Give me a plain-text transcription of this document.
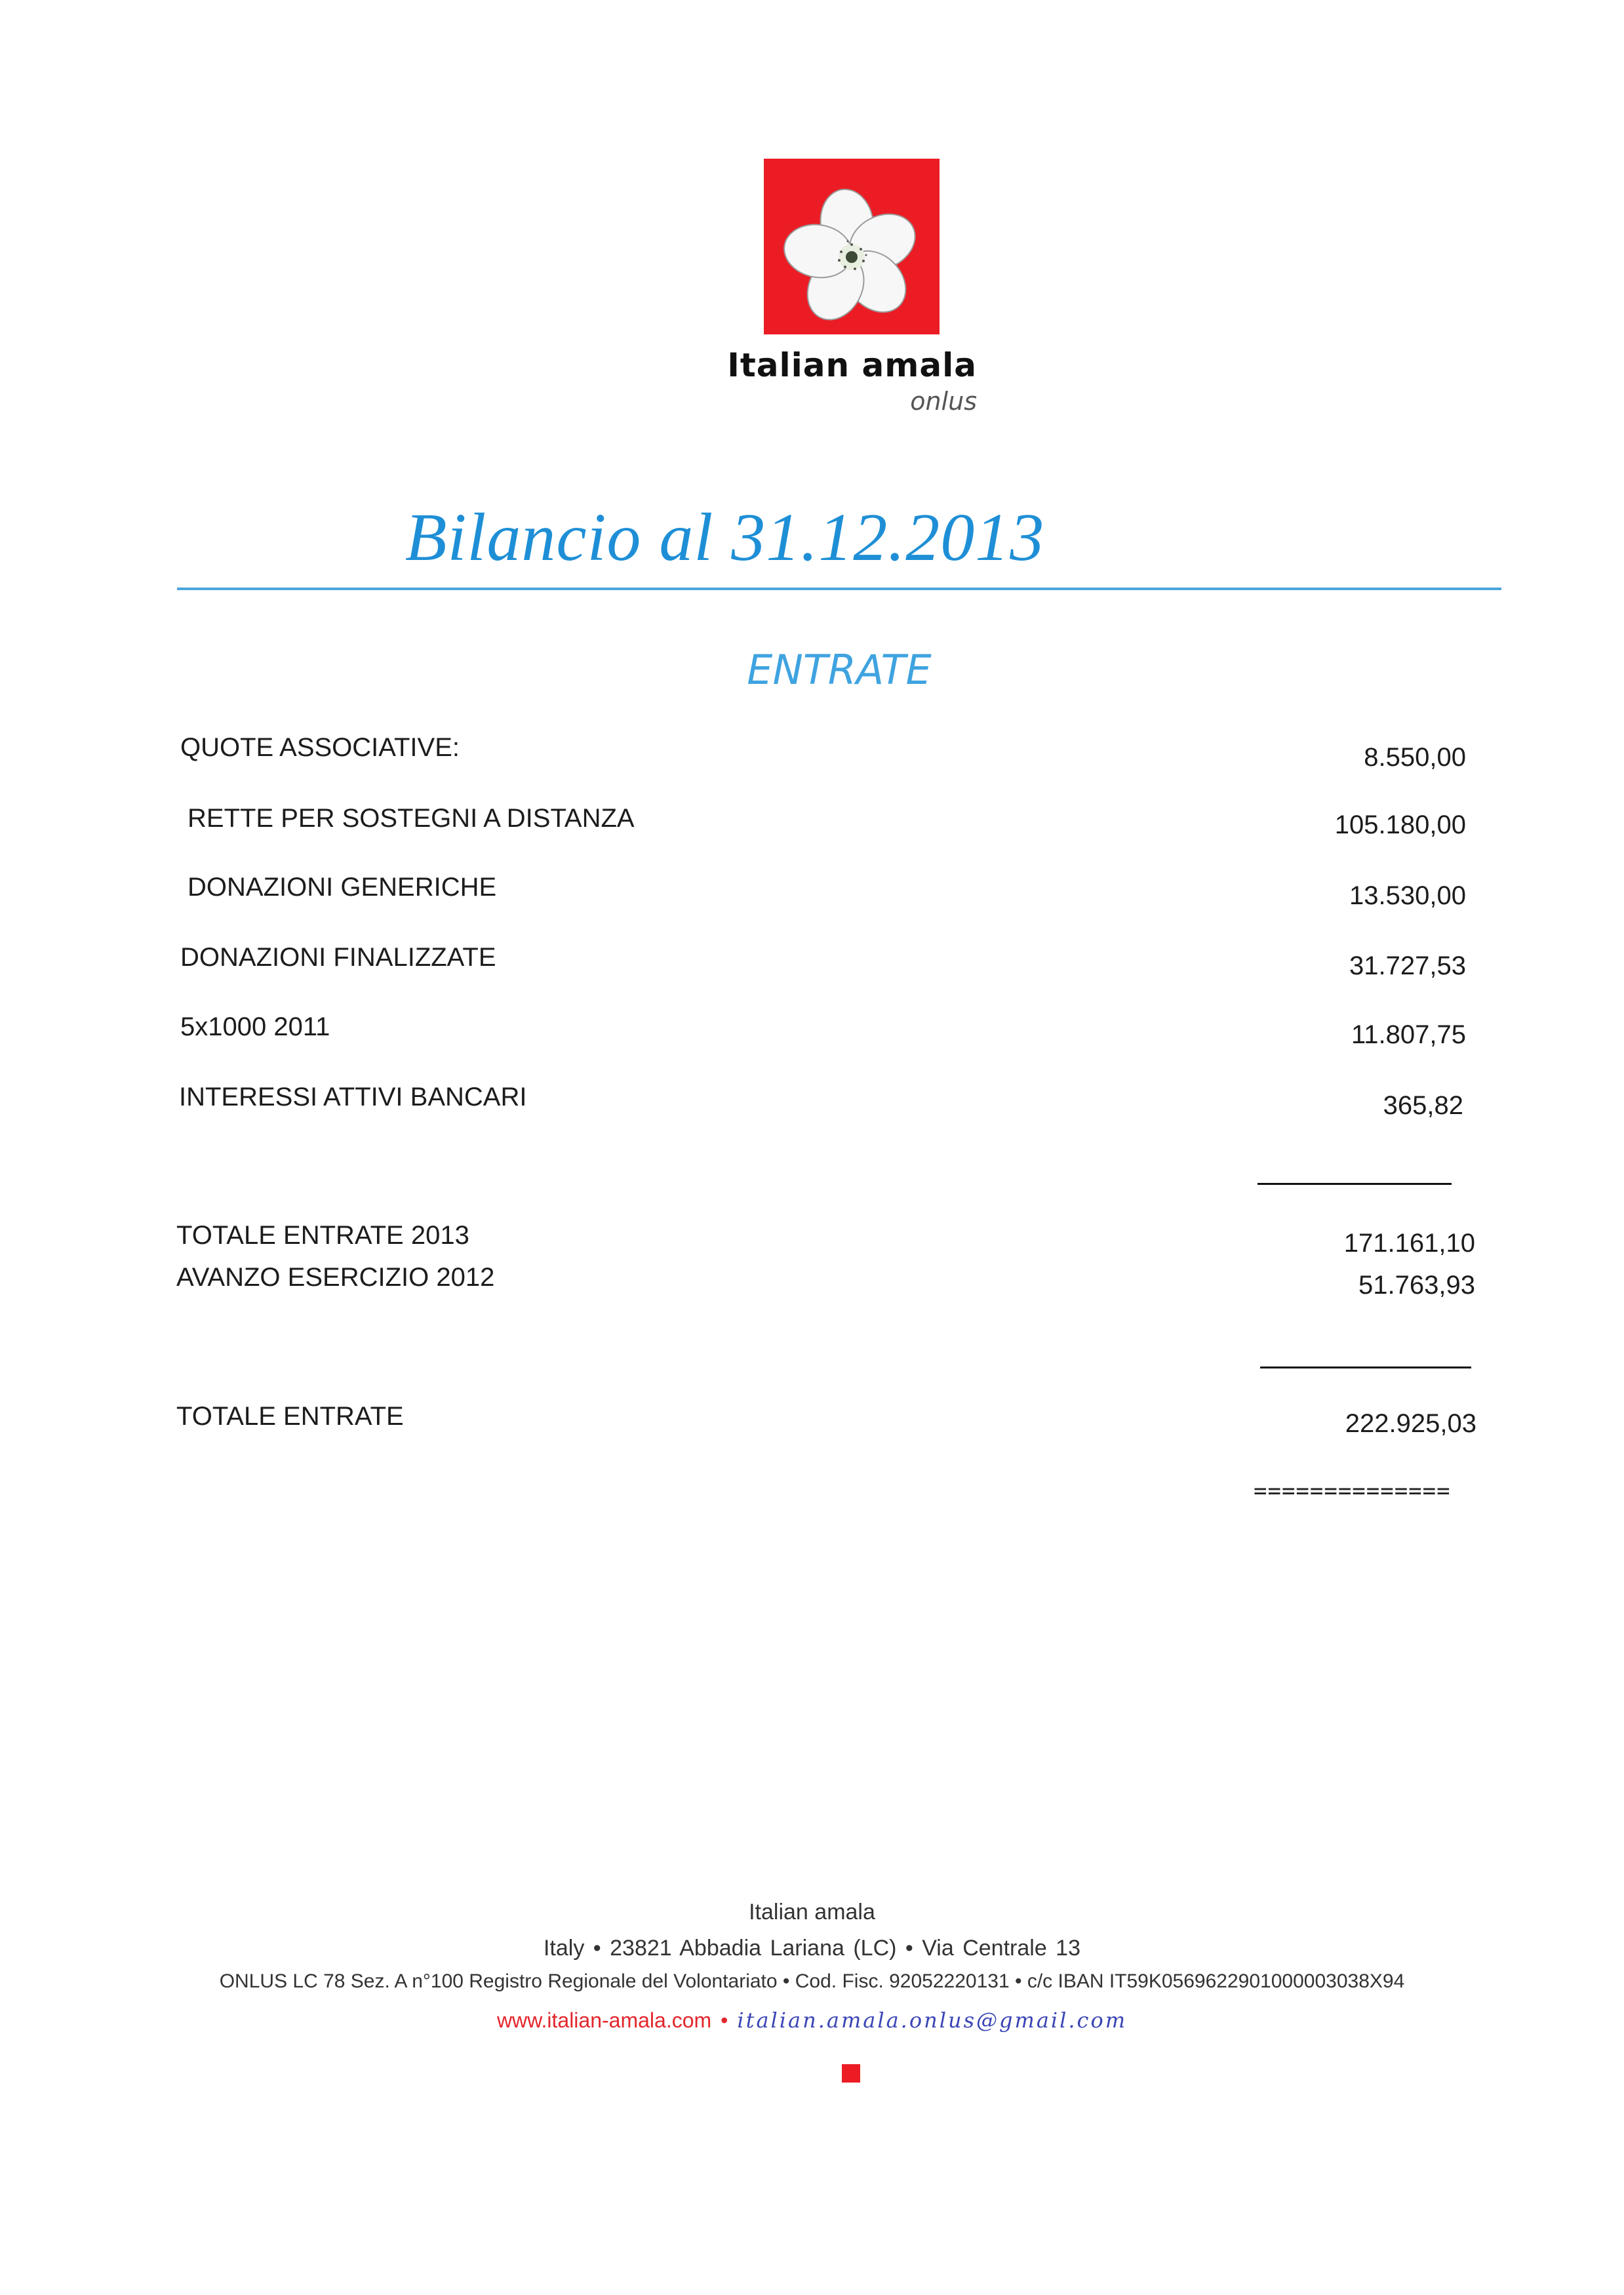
Italian amala
onlus
Bilancio al 31.12.2013
ENTRATE
QUOTE ASSOCIATIVE:	8.550,00
RETTE PER SOSTEGNI A DISTANZA	105.180,00
DONAZIONI GENERICHE	13.530,00
DONAZIONI FINALIZZATE	31.727,53
5x1000 2011	11.807,75
INTERESSI ATTIVI BANCARI	365,82
TOTALE ENTRATE 2013	171.161,10
AVANZO ESERCIZIO 2012	51.763,93
TOTALE ENTRATE	222.925,03
==============
Italian amala
Italy • 23821 Abbadia Lariana (LC) • Via Centrale 13
ONLUS LC 78 Sez. A n°100 Registro Regionale del Volontariato • Cod. Fisc. 92052220131 • c/c IBAN IT59K0569622901000003038X94
www.italian-amala.com • italian.amala.onlus@gmail.com
